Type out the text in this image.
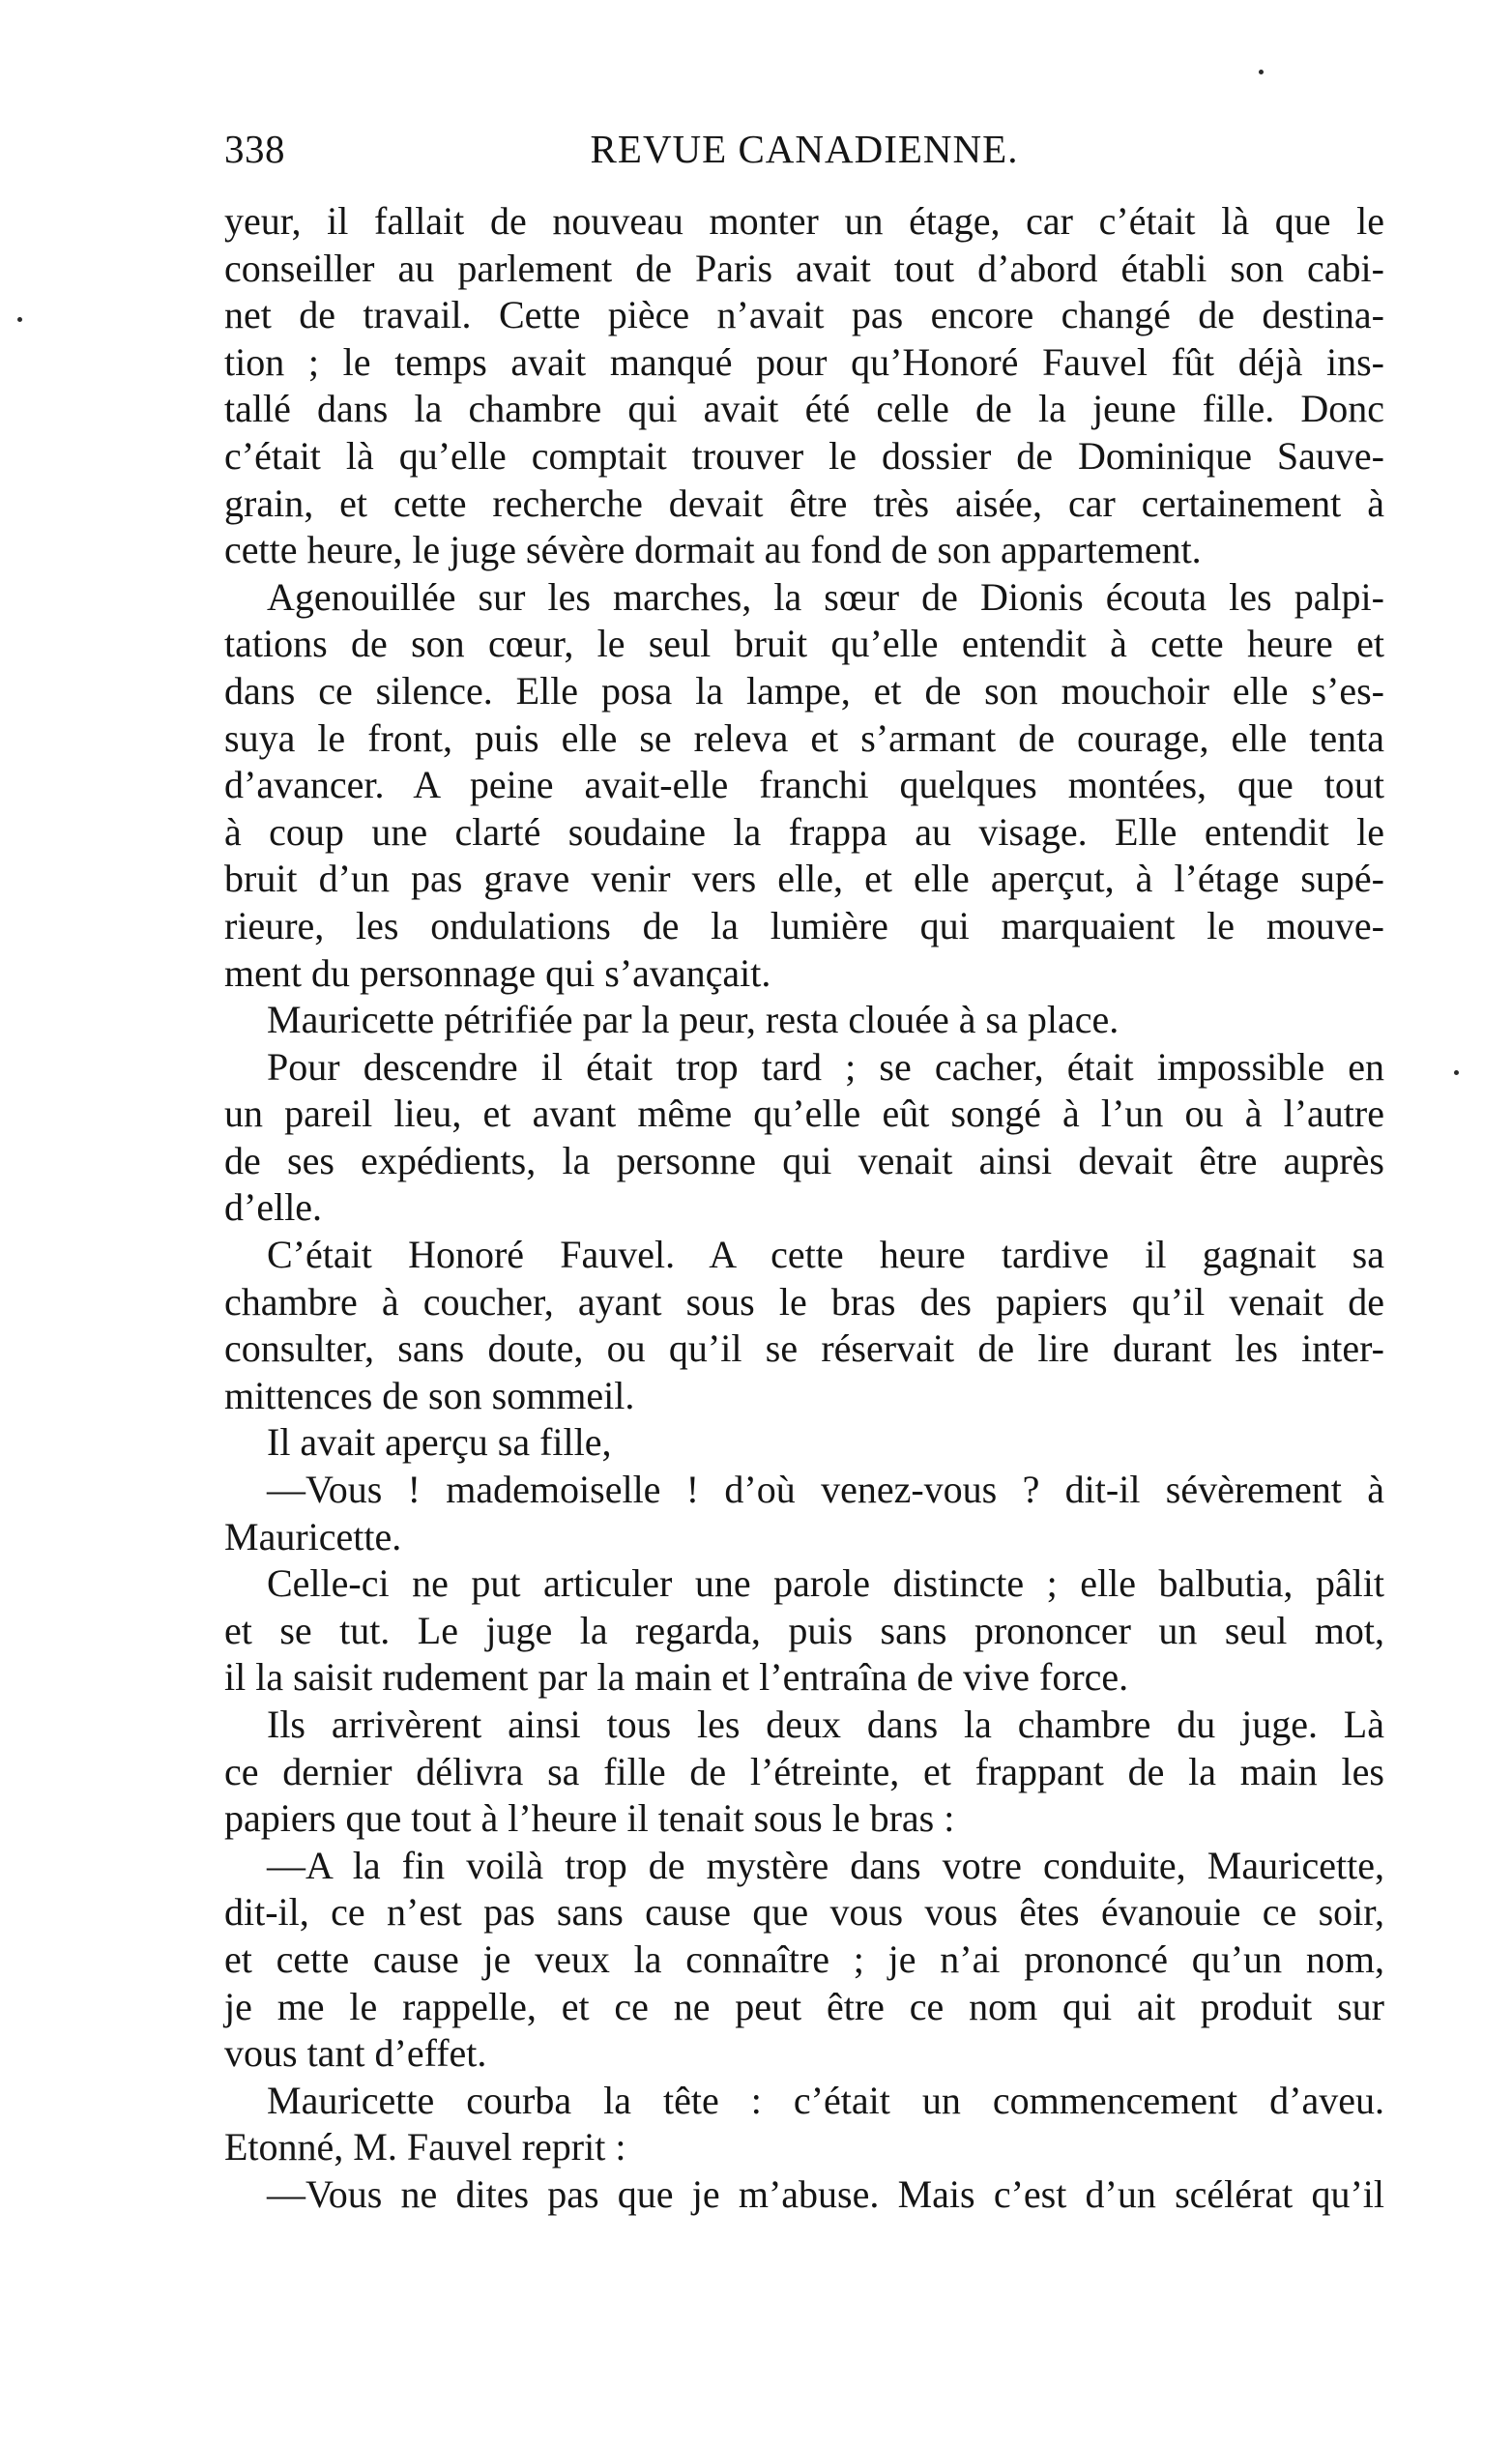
338	REVUE CANADIENNE.
yeur, il fallait de nouveau monter un étage, car c’était là que le
conseiller au parlement de Paris avait tout d’abord établi son cabi-
net de travail. Cette pièce n’avait pas encore changé de destina-
tion ; le temps avait manqué pour qu’Honoré Fauvel fût déjà ins-
tallé dans la chambre qui avait été celle de la jeune fille. Donc
c’était là qu’elle comptait trouver le dossier de Dominique Sauve-
grain, et cette recherche devait être très aisée, car certainement à
cette heure, le juge sévère dormait au fond de son appartement.
Agenouillée sur les marches, la sœur de Dionis écouta les palpi-
tations de son cœur, le seul bruit qu’elle entendit à cette heure et
dans ce silence. Elle posa la lampe, et de son mouchoir elle s’es-
suya le front, puis elle se releva et s’armant de courage, elle tenta
d’avancer. A peine avait-elle franchi quelques montées, que tout
à coup une clarté soudaine la frappa au visage. Elle entendit le
bruit d’un pas grave venir vers elle, et elle aperçut, à l’étage supé-
rieure, les ondulations de la lumière qui marquaient le mouve-
ment du personnage qui s’avançait.
Mauricette pétrifiée par la peur, resta clouée à sa place.
Pour descendre il était trop tard ; se cacher, était impossible en
un pareil lieu, et avant même qu’elle eût songé à l’un ou à l’autre
de ses expédients, la personne qui venait ainsi devait être auprès
d’elle.
C’était Honoré Fauvel. A cette heure tardive il gagnait sa
chambre à coucher, ayant sous le bras des papiers qu’il venait de
consulter, sans doute, ou qu’il se réservait de lire durant les inter-
mittences de son sommeil.
Il avait aperçu sa fille,
—Vous ! mademoiselle ! d’où venez-vous ? dit-il sévèrement à
Mauricette.
Celle-ci ne put articuler une parole distincte ; elle balbutia, pâlit
et se tut. Le juge la regarda, puis sans prononcer un seul mot,
il la saisit rudement par la main et l’entraîna de vive force.
Ils arrivèrent ainsi tous les deux dans la chambre du juge. Là
ce dernier délivra sa fille de l’étreinte, et frappant de la main les
papiers que tout à l’heure il tenait sous le bras :
—A la fin voilà trop de mystère dans votre conduite, Mauricette,
dit-il, ce n’est pas sans cause que vous vous êtes évanouie ce soir,
et cette cause je veux la connaître ; je n’ai prononcé qu’un nom,
je me le rappelle, et ce ne peut être ce nom qui ait produit sur
vous tant d’effet.
Mauricette courba la tête : c’était un commencement d’aveu.
Etonné, M. Fauvel reprit :
—Vous ne dites pas que je m’abuse. Mais c’est d’un scélérat qu’il
